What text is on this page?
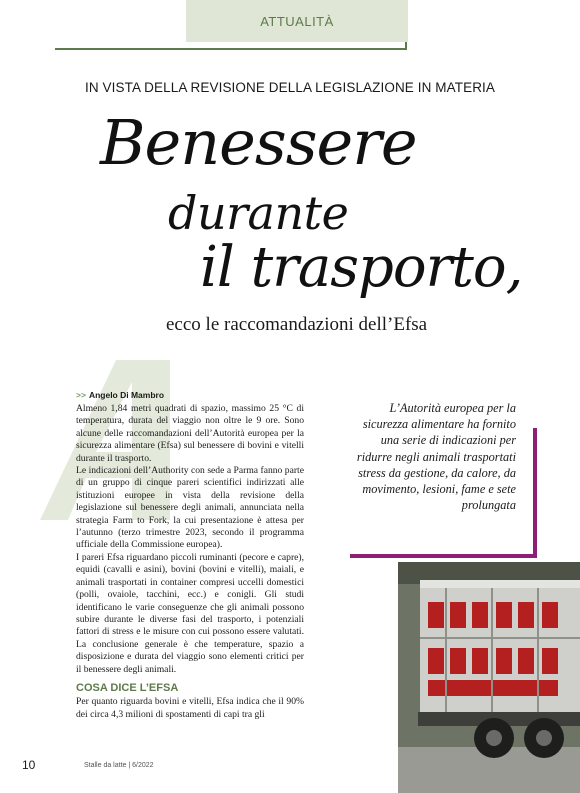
ATTUALITÀ
IN VISTA DELLA REVISIONE DELLA LEGISLAZIONE IN MATERIA
Benessere
durante
il trasporto,
ecco le raccomandazioni dell’Efsa
>> Angelo Di Mambro

Almeno 1,84 metri quadrati di spazio, massimo 25 °C di temperatura, durata del viaggio non oltre le 9 ore. Sono alcune delle raccomandazioni dell’Autorità europea per la sicurezza alimentare (Efsa) sul benessere di bovini e vitelli durante il trasporto.

Le indicazioni dell’Authority con sede a Parma fanno parte di un gruppo di cinque pareri scientifici indirizzati alle istituzioni europee in vista della revisione della legislazione sul benessere degli animali, annunciata nella strategia Farm to Fork, la cui presentazione è attesa per l’autunno (terzo trimestre 2023, secondo il programma ufficiale della Commissione europea).

I pareri Efsa riguardano piccoli ruminanti (pecore e capre), equidi (cavalli e asini), bovini (bovini e vitelli), maiali, e animali trasportati in container compresi uccelli domestici (polli, ovaiole, tacchini, ecc.) e conigli. Gli studi identificano le varie conseguenze che gli animali possono subire durante le diverse fasi del trasporto, i potenziali fattori di stress e le misure con cui possono essere valutati. La conclusione generale è che temperature, spazio a disposizione e durata del viaggio sono elementi critici per il benessere degli animali.

COSA DICE L’EFSA

Per quanto riguarda bovini e vitelli, Efsa indica che il 90% dei circa 4,3 milioni di spostamenti di capi tra gli

L’Autorità europea per la sicurezza alimentare ha fornito una serie di indicazioni per ridurre negli animali trasportati stress da gestione, da calore, da movimento, lesioni, fame e sete prolungata
10	Stalle da latte | 6/2022
